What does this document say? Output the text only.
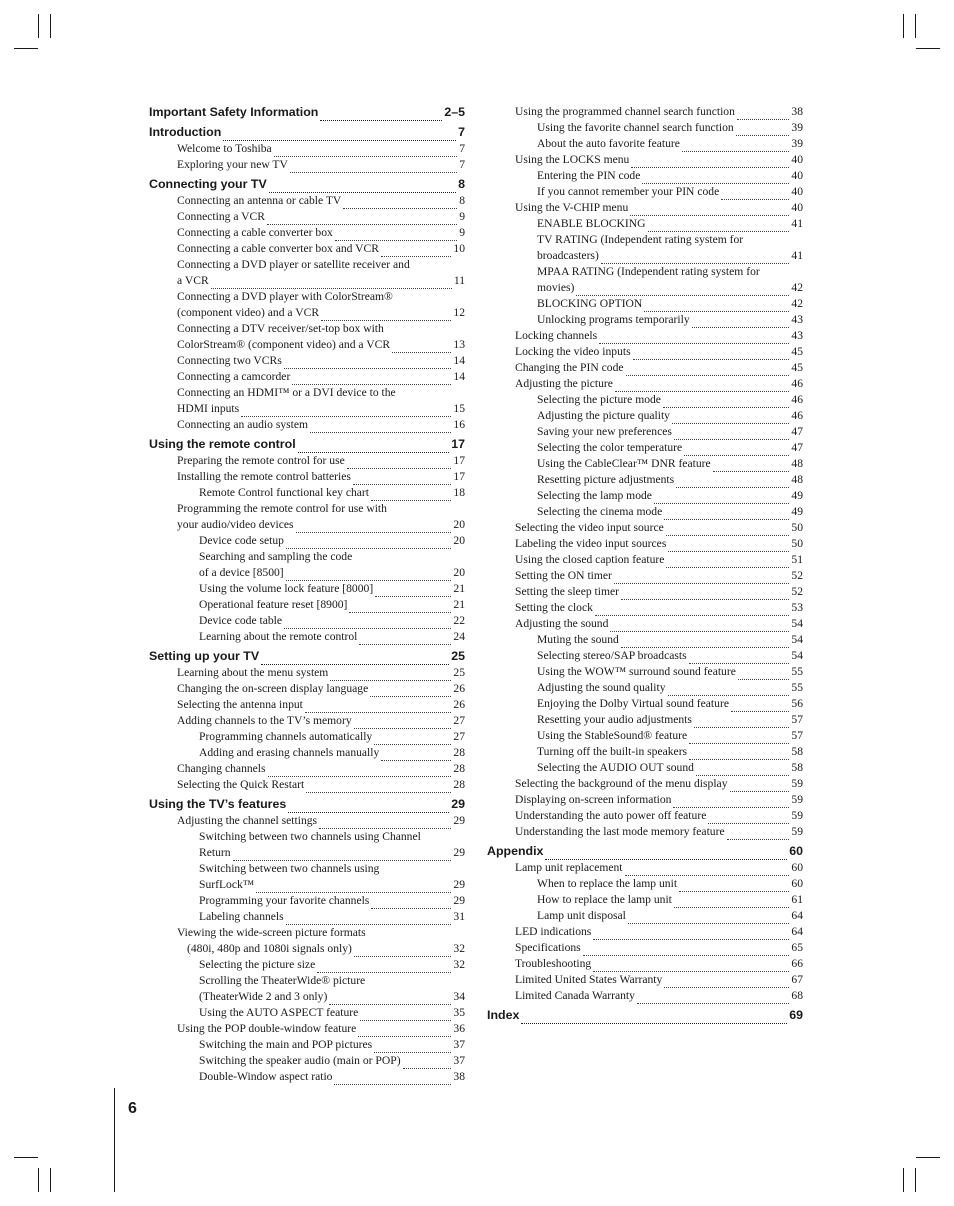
6
Important Safety Information	2–5
Introduction	7
Welcome to Toshiba	7
Exploring your new TV	7
Connecting your TV	8
Connecting an antenna or cable TV	8
Connecting a VCR	9
Connecting a cable converter box	9
Connecting a cable converter box and VCR	10
Connecting a DVD player or satellite receiver and
a VCR	11
Connecting a DVD player with ColorStream®
(component video) and a VCR	12
Connecting a DTV receiver/set-top box with
ColorStream® (component video) and a VCR	13
Connecting two VCRs	14
Connecting a camcorder	14
Connecting an HDMI™ or a DVI device to the
HDMI inputs	15
Connecting an audio system	16
Using the remote control	17
Preparing the remote control for use	17
Installing the remote control batteries	17
Remote Control functional key chart	18
Programming the remote control for use with
your audio/video devices	20
Device code setup	20
Searching and sampling the code
of a device [8500]	20
Using the volume lock feature [8000]	21
Operational feature reset [8900]	21
Device code table	22
Learning about the remote control	24
Setting up your TV	25
Learning about the menu system	25
Changing the on-screen display language	26
Selecting the antenna input	26
Adding channels to the TV’s memory	27
Programming channels automatically	27
Adding and erasing channels manually	28
Changing channels	28
Selecting the Quick Restart	28
Using the TV’s features	29
Adjusting the channel settings	29
Switching between two channels using Channel
Return	29
Switching between two channels using
SurfLock™	29
Programming your favorite channels	29
Labeling channels	31
Viewing the wide-screen picture formats
(480i, 480p and 1080i signals only)	32
Selecting the picture size	32
Scrolling the TheaterWide® picture
(TheaterWide 2 and 3 only)	34
Using the AUTO ASPECT feature	35
Using the POP double-window feature	36
Switching the main and POP pictures	37
Switching the speaker audio (main or POP)	37
Double-Window aspect ratio	38
Using the programmed channel search function	38
Using the favorite channel search function	39
About the auto favorite feature	39
Using the LOCKS menu	40
Entering the PIN code	40
If you cannot remember your PIN code	40
Using the V-CHIP menu	40
ENABLE BLOCKING	41
TV RATING (Independent rating system for
broadcasters)	41
MPAA RATING (Independent rating system for
movies)	42
BLOCKING OPTION	42
Unlocking programs temporarily	43
Locking channels	43
Locking the video inputs	45
Changing the PIN code	45
Adjusting the picture	46
Selecting the picture mode	46
Adjusting the picture quality	46
Saving your new preferences	47
Selecting the color temperature	47
Using the CableClear™ DNR feature	48
Resetting picture adjustments	48
Selecting the lamp mode	49
Selecting the cinema mode	49
Selecting the video input source	50
Labeling the video input sources	50
Using the closed caption feature	51
Setting the ON timer	52
Setting the sleep timer	52
Setting the clock	53
Adjusting the sound	54
Muting the sound	54
Selecting stereo/SAP broadcasts	54
Using the WOW™ surround sound feature	55
Adjusting the sound quality	55
Enjoying the Dolby Virtual sound feature	56
Resetting your audio adjustments	57
Using the StableSound® feature	57
Turning off the built-in speakers	58
Selecting the AUDIO OUT sound	58
Selecting the background of the menu display	59
Displaying on-screen information	59
Understanding the auto power off feature	59
Understanding the last mode memory feature	59
Appendix	60
Lamp unit replacement	60
When to replace the lamp unit	60
How to replace the lamp unit	61
Lamp unit disposal	64
LED indications	64
Specifications	65
Troubleshooting	66
Limited United States Warranty	67
Limited Canada Warranty	68
Index	69
